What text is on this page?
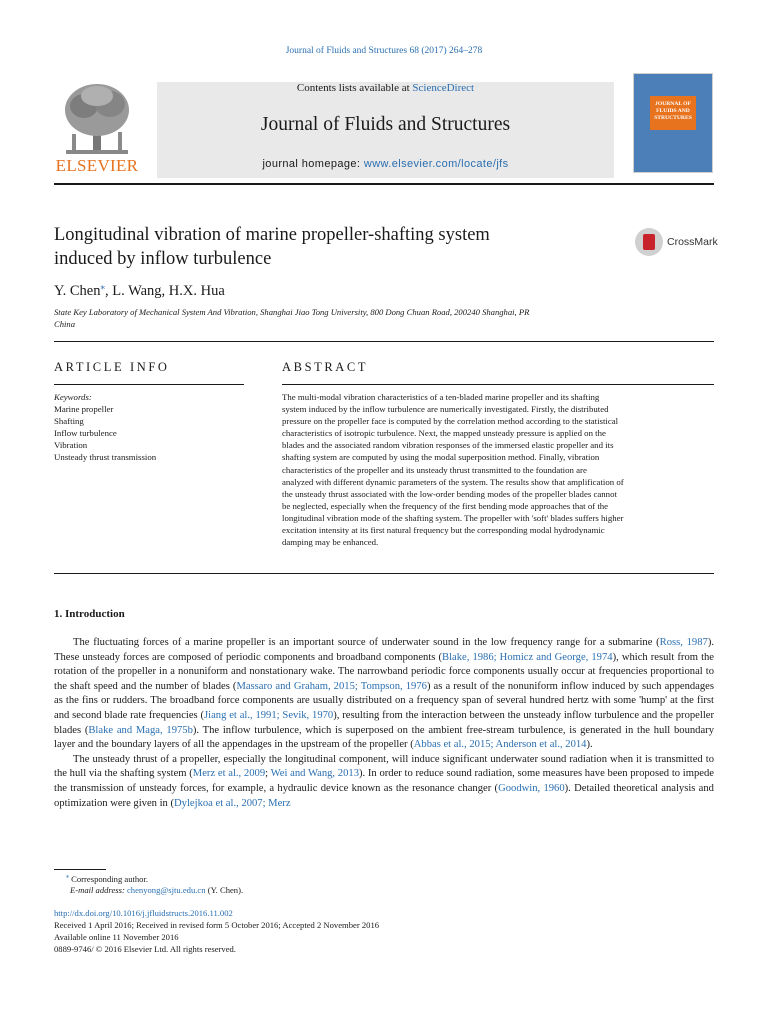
Journal of Fluids and Structures 68 (2017) 264–278
ELSEVIER
Contents lists available at ScienceDirect
Journal of Fluids and Structures
journal homepage: www.elsevier.com/locate/jfs
JOURNAL OF FLUIDS AND STRUCTURES
Longitudinal vibration of marine propeller-shafting system
induced by inflow turbulence
CrossMark
Y. Chen⁎, L. Wang, H.X. Hua
State Key Laboratory of Mechanical System And Vibration, Shanghai Jiao Tong University, 800 Dong Chuan Road, 200240 Shanghai, PR
China
ARTICLE INFO	ABSTRACT
Keywords:
Marine propeller
Shafting
Inflow turbulence
Vibration
Unsteady thrust transmission
The multi-modal vibration characteristics of a ten-bladed marine propeller and its shafting
system induced by the inflow turbulence are numerically investigated. Firstly, the distributed
pressure on the propeller face is computed by the correlation method according to the statistical
characteristics of isotropic turbulence. Next, the mapped unsteady pressure is applied on the
blades and the associated random vibration responses of the immersed elastic propeller and its
shafting system are computed by using the modal superposition method. Finally, vibration
characteristics of the propeller and its unsteady thrust transmitted to the foundation are
analyzed with different dynamic parameters of the system. The results show that amplification of
the unsteady thrust associated with the low-order bending modes of the propeller blades cannot
be neglected, especially when the frequency of the first bending mode approaches that of the
longitudinal vibration mode of the shafting system. The propeller with 'soft' blades suffers higher
excitation intensity at its first natural frequency but the corresponding modal hydrodynamic
damping may be enhanced.
1. Introduction

The fluctuating forces of a marine propeller is an important source of underwater sound in the low frequency range for a submarine (Ross, 1987). These unsteady forces are composed of periodic components and broadband components (Blake, 1986; Homicz and George, 1974), which result from the rotation of the propeller in a nonuniform and nonstationary wake. The narrowband periodic force components usually occur at frequencies proportional to the shaft speed and the number of blades (Massaro and Graham, 2015; Tompson, 1976) as a result of the nonuniform inflow induced by such appendages as the fins or rudders. The broadband force components are usually distributed on a frequency span of several hundred hertz with some 'hump' at the first and second blade rate frequencies (Jiang et al., 1991; Sevik, 1970), resulting from the interaction between the unsteady inflow turbulence and the propeller blades (Blake and Maga, 1975b). The inflow turbulence, which is superposed on the ambient free-stream turbulence, is generated in the hull boundary layer and the boundary layers of all the appendages in the upstream of the propeller (Abbas et al., 2015; Anderson et al., 2014).

The unsteady thrust of a propeller, especially the longitudinal component, will induce significant underwater sound radiation when it is transmitted to the hull via the shafting system (Merz et al., 2009; Wei and Wang, 2013). In order to reduce sound radiation, some measures have been proposed to impede the transmission of unsteady forces, for example, a hydraulic device known as the resonance changer (Goodwin, 1960). Detailed theoretical analysis and optimization were given in (Dylejkoa et al., 2007; Merz

⁎ Corresponding author.
E-mail address: chenyong@sjtu.edu.cn (Y. Chen).
http://dx.doi.org/10.1016/j.jfluidstructs.2016.11.002
Received 1 April 2016; Received in revised form 5 October 2016; Accepted 2 November 2016
Available online 11 November 2016
0889-9746/ © 2016 Elsevier Ltd. All rights reserved.
